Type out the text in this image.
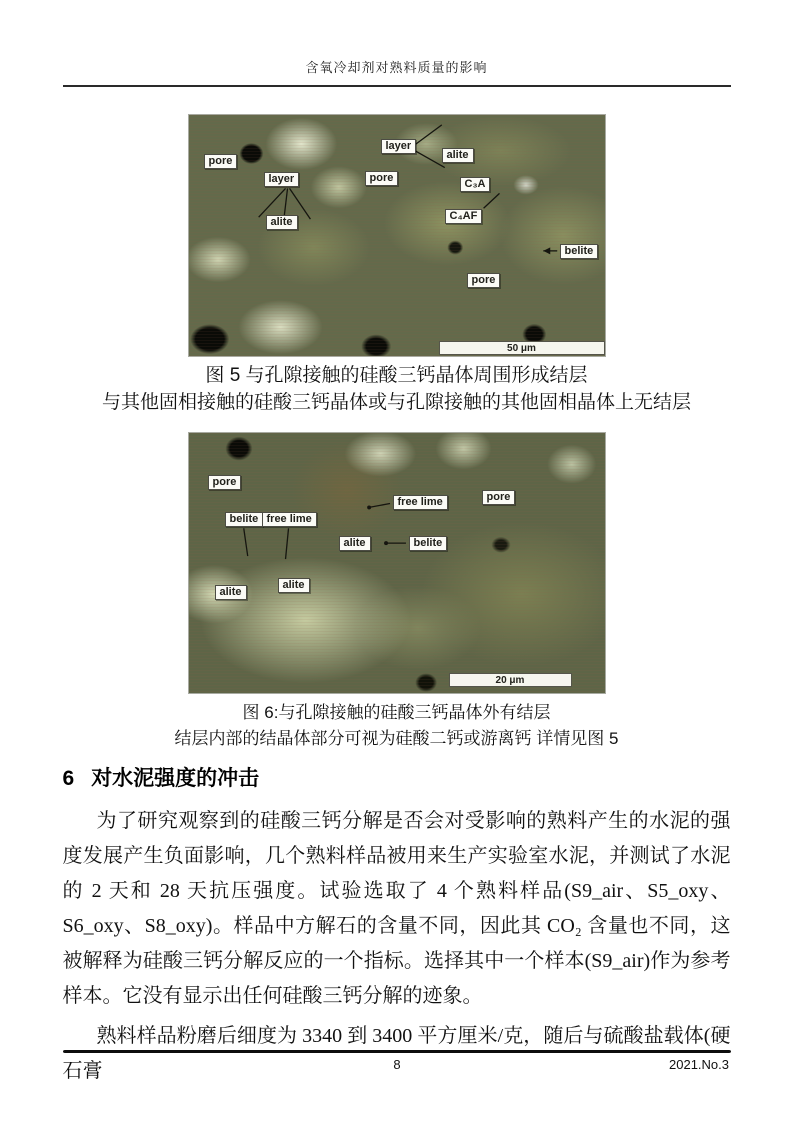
含氧冷却剂对熟料质量的影响
pore
layer
alite
layer
pore
alite
C₃A
C₄AF
belite
pore
50 μm
图 5 与孔隙接触的硅酸三钙晶体周围形成结层
与其他固相接触的硅酸三钙晶体或与孔隙接触的其他固相晶体上无结层
pore
belite free lime
free lime	pore
alite	belite
alite
alite
20 μm
图 6:与孔隙接触的硅酸三钙晶体外有结层
结层内部的结晶体部分可视为硅酸二钙或游离钙 详情见图 5
6 对水泥强度的冲击

为了研究观察到的硅酸三钙分解是否会对受影响的熟料产生的水泥的强度发展产生负面影响，几个熟料样品被用来生产实验室水泥，并测试了水泥的 2 天和 28 天抗压强度。试验选取了 4 个熟料样品(S9_air、S5_oxy、S6_oxy、S8_oxy)。样品中方解石的含量不同，因此其 CO₂ 含量也不同，这被解释为硅酸三钙分解反应的一个指标。选择其中一个样本(S9_air)作为参考样本。它没有显示出任何硅酸三钙分解的迹象。

熟料样品粉磨后细度为 3340 到 3400 平方厘米/克，随后与硫酸盐载体(硬石膏	8	2021.No.3
